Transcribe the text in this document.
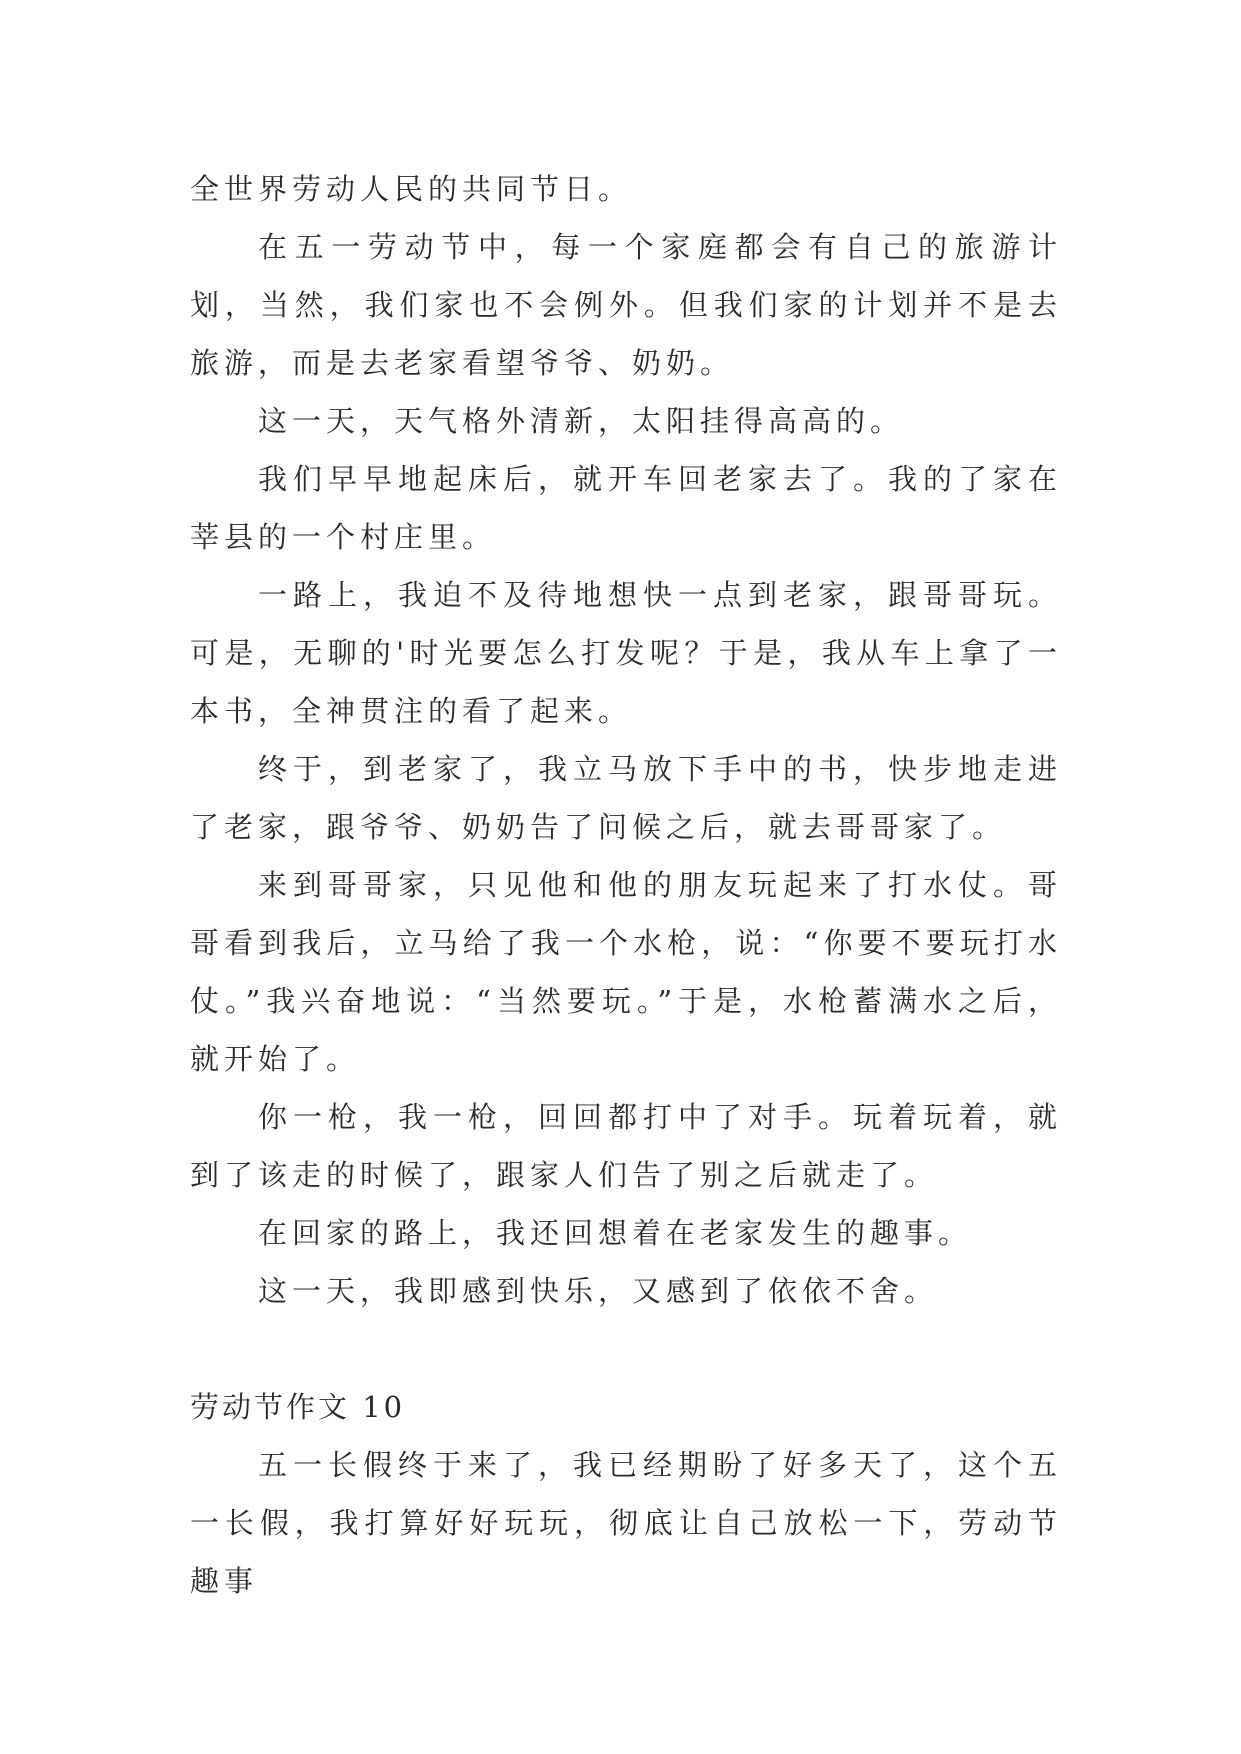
全世界劳动人民的共同节日。

在五一劳动节中，每一个家庭都会有自己的旅游计划，当然，我们家也不会例外。但我们家的计划并不是去旅游，而是去老家看望爷爷、奶奶。

这一天，天气格外清新，太阳挂得高高的。

我们早早地起床后，就开车回老家去了。我的了家在莘县的一个村庄里。

一路上，我迫不及待地想快一点到老家，跟哥哥玩。可是，无聊的'时光要怎么打发呢？于是，我从车上拿了一本书，全神贯注的看了起来。

终于，到老家了，我立马放下手中的书，快步地走进了老家，跟爷爷、奶奶告了问候之后，就去哥哥家了。

来到哥哥家，只见他和他的朋友玩起来了打水仗。哥哥看到我后，立马给了我一个水枪，说：“你要不要玩打水仗。”我兴奋地说：“当然要玩。”于是，水枪蓄满水之后，就开始了。

你一枪，我一枪，回回都打中了对手。玩着玩着，就到了该走的时候了，跟家人们告了别之后就走了。

在回家的路上，我还回想着在老家发生的趣事。

这一天，我即感到快乐，又感到了依依不舍。

劳动节作文 10

五一长假终于来了，我已经期盼了好多天了，这个五一长假，我打算好好玩玩，彻底让自己放松一下，劳动节趣事
